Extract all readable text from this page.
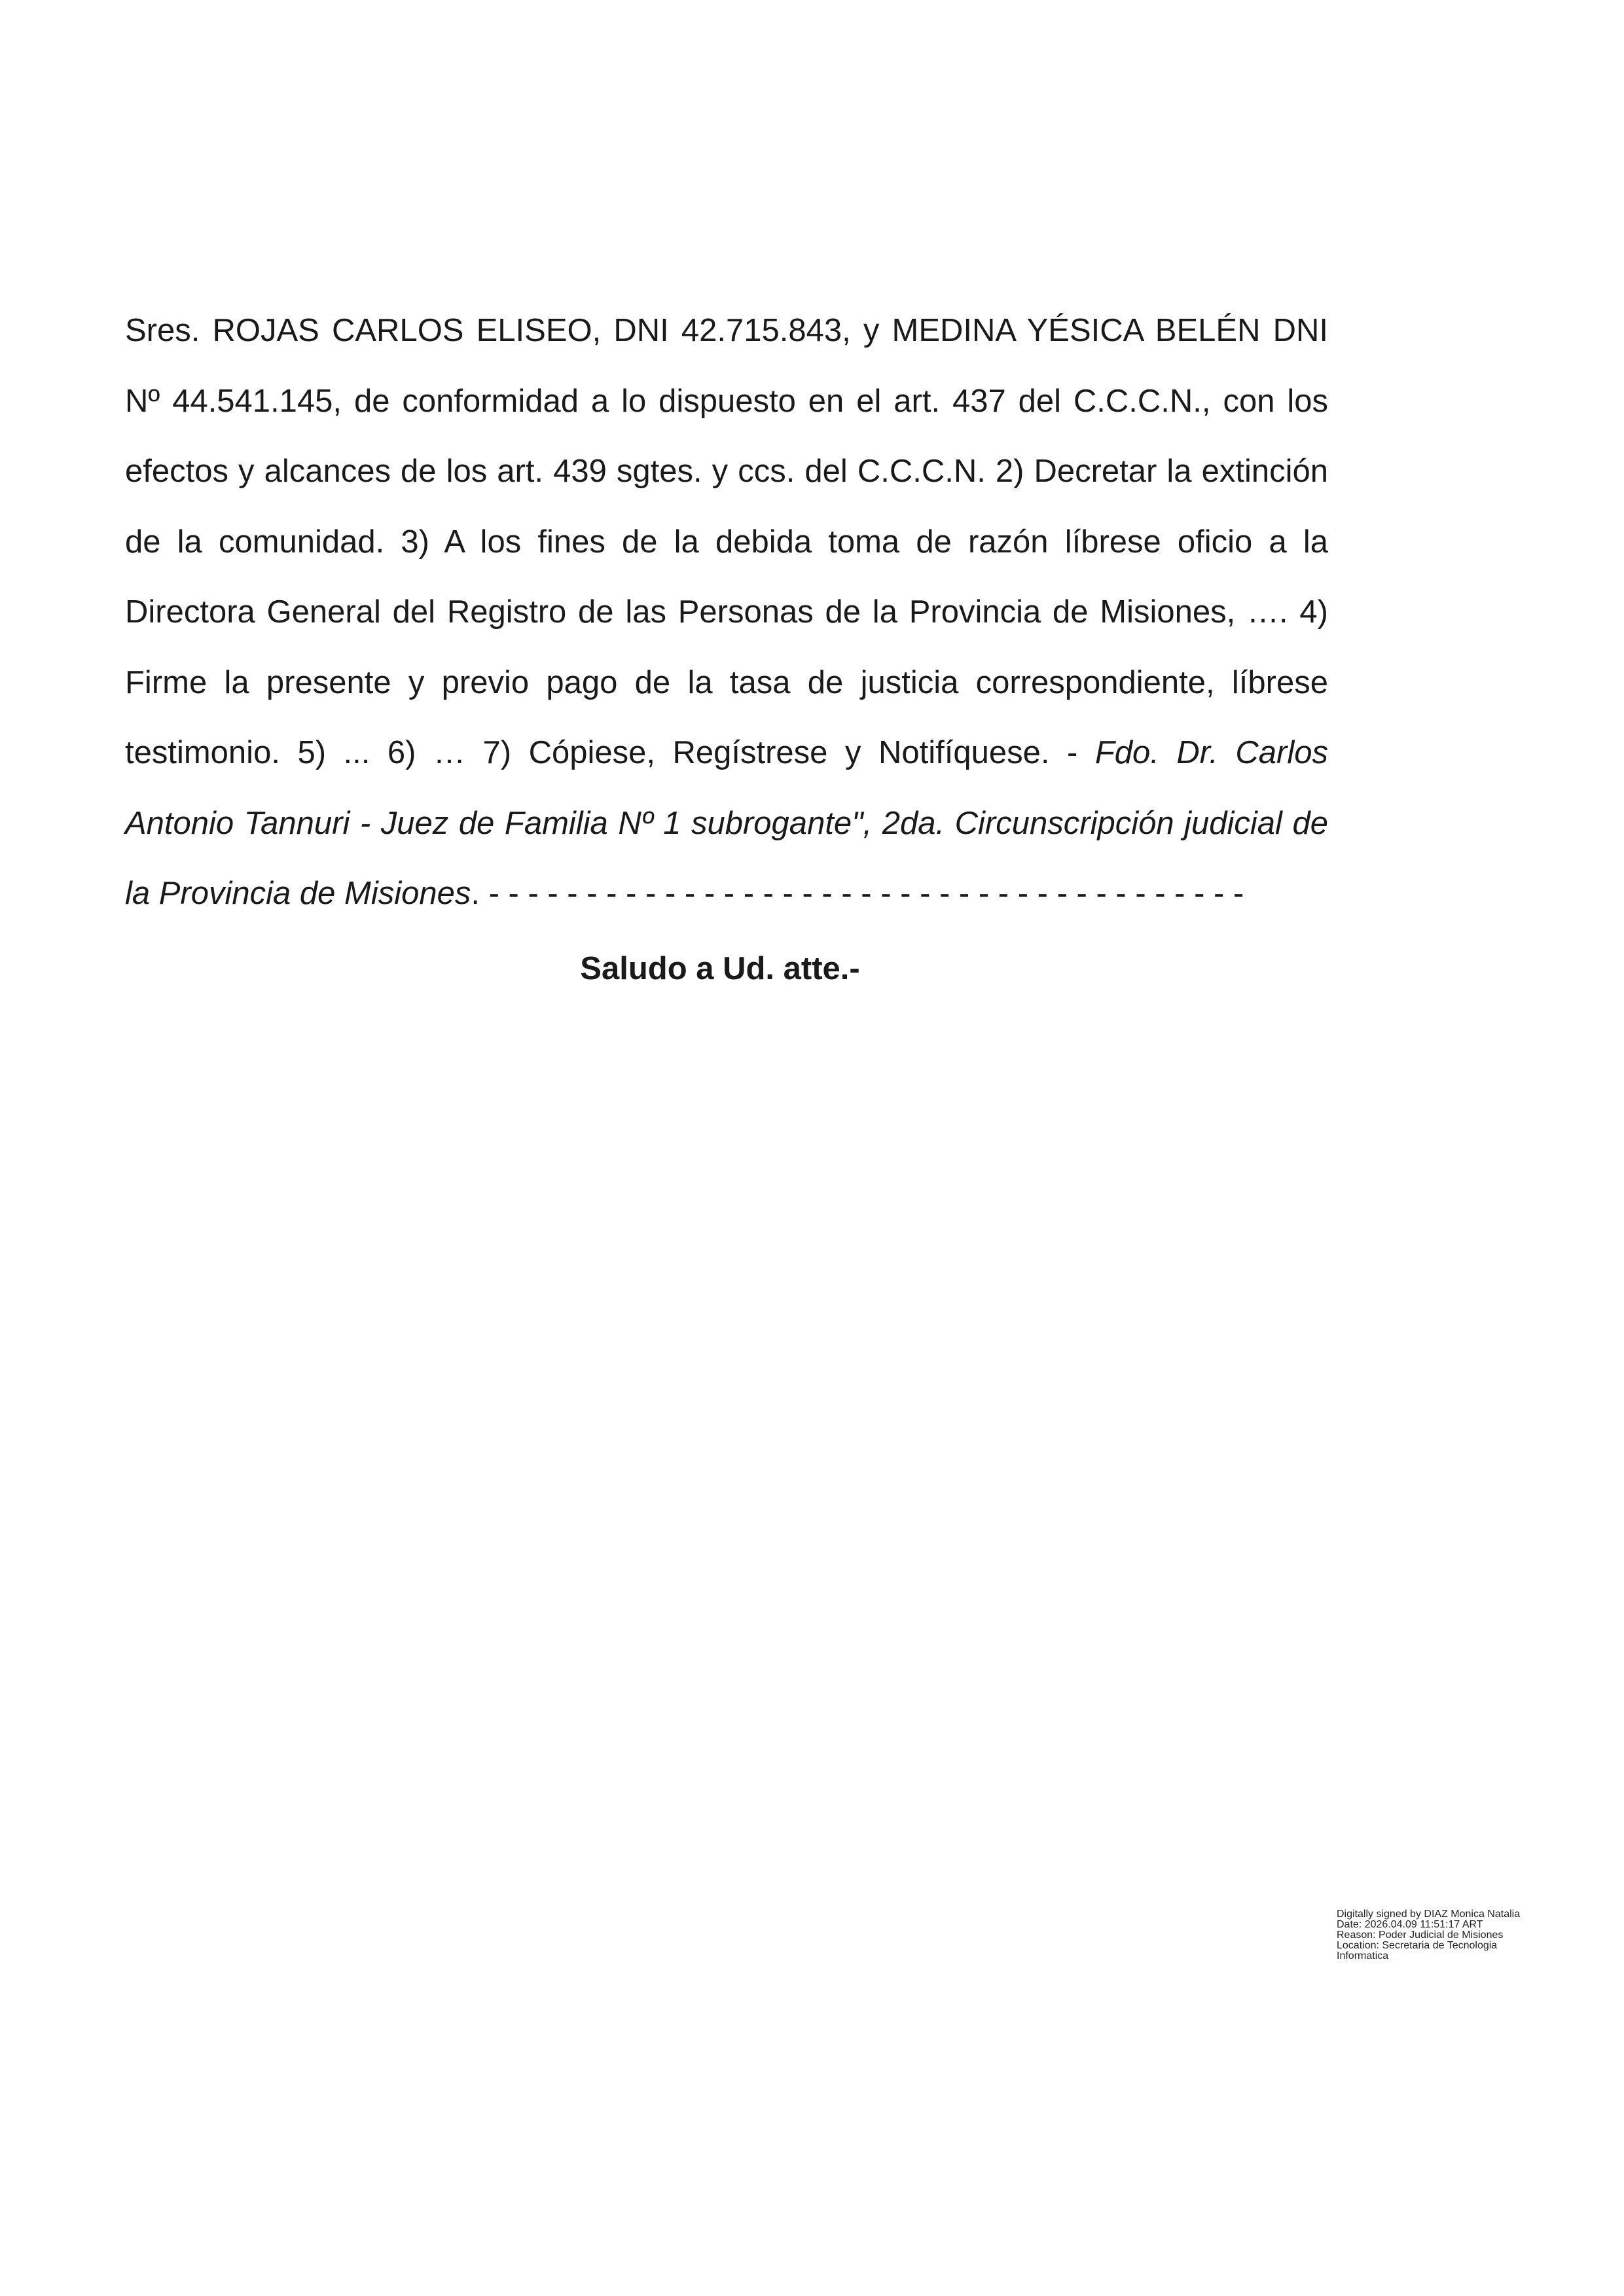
Sres. ROJAS CARLOS ELISEO, DNI 42.715.843, y MEDINA YÉSICA BELÉN DNI Nº 44.541.145, de conformidad a lo dispuesto en el art. 437 del C.C.C.N., con los efectos y alcances de los art. 439 sgtes. y ccs. del C.C.C.N. 2) Decretar la extinción de la comunidad. 3) A los fines de la debida toma de razón líbrese oficio a la Directora General del Registro de las Personas de la Provincia de Misiones, …. 4) Firme la presente y previo pago de la tasa de justicia correspondiente, líbrese testimonio. 5) ... 6) … 7) Cópiese, Regístrese y Notifíquese. - Fdo. Dr. Carlos Antonio Tannuri - Juez de Familia Nº 1 subrogante", 2da. Circunscripción judicial de la Provincia de Misiones. - - - - - - - - - - - - - - - - - - - - - - - - - - - - - - - - - - - - - - -

Saludo a Ud. atte.-

Digitally signed by DIAZ Monica Natalia
Date: 2026.04.09 11:51:17 ART
Reason: Poder Judicial de Misiones
Location: Secretaria de Tecnologia Informatica
